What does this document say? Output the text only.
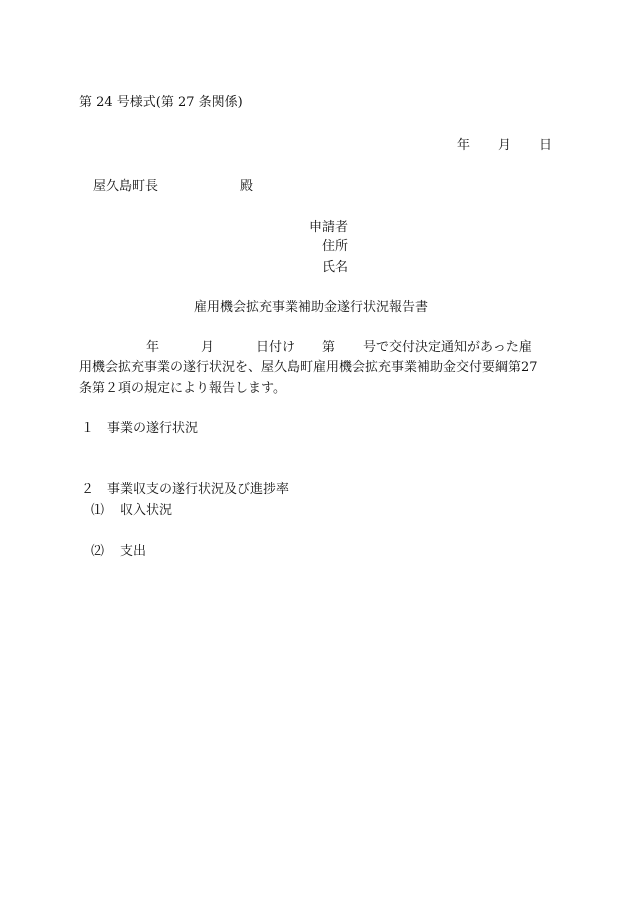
第 24 号様式(第 27 条関係)
年 月 日
屋久島町長	殿
申請者
住所
氏名
雇用機会拡充事業補助金遂行状況報告書
年	月	日付け 第 号で交付決定通知があった雇
用機会拡充事業の遂行状況を、屋久島町雇用機会拡充事業補助金交付要綱第27
条第２項の規定により報告します。
１ 事業の遂行状況
２ 事業収支の遂行状況及び進捗率
⑴ 収入状況
⑵ 支出
